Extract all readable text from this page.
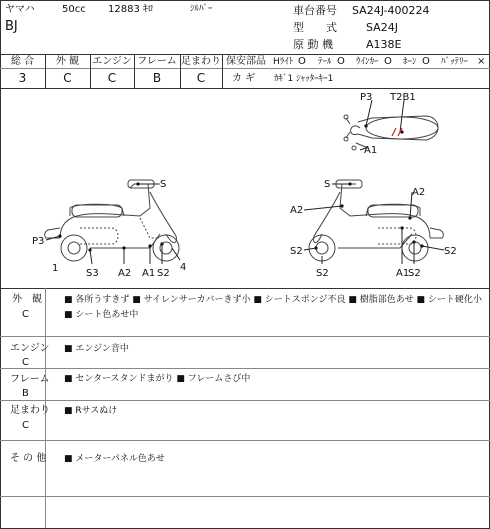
ヤマハ	50cc 12883 ｷﾛ	ｼﾙﾊﾞｰ
BJ
車台番号 SA24J-400224
型　　式	SA24J
原 動 機	A138E
総 合	外 観	エンジン フレーム 足まわり
3	C	C	B	C
保安部品 Hﾗｲﾄ O ﾃｰﾙ O ｳｲﾝｶｰ O ﾎｰﾝ O ﾊﾞｯﾃﾘｰ ×
カ ギ ｶｷﾞ1 ｼｬｯﾀｰｷｰ1
P3 T2B1
A1
S
P3
1	S3 A2 A1 S2
4
S
A2
A2
S2
S2
S2
A1
S2
外　観
C
■ 各所うすきず ■ サイレンサーカバーきず小 ■ シートスポンジ不良 ■ 樹脂部色あせ ■ シート硬化小
■ シート色あせ中
エンジン
C
■ エンジン音中
フレーム
B
■ センタースタンドまがり ■ フレームさび中
足まわり
C
■ Rサスぬけ
そ の 他 ■ メーターパネル色あせ
